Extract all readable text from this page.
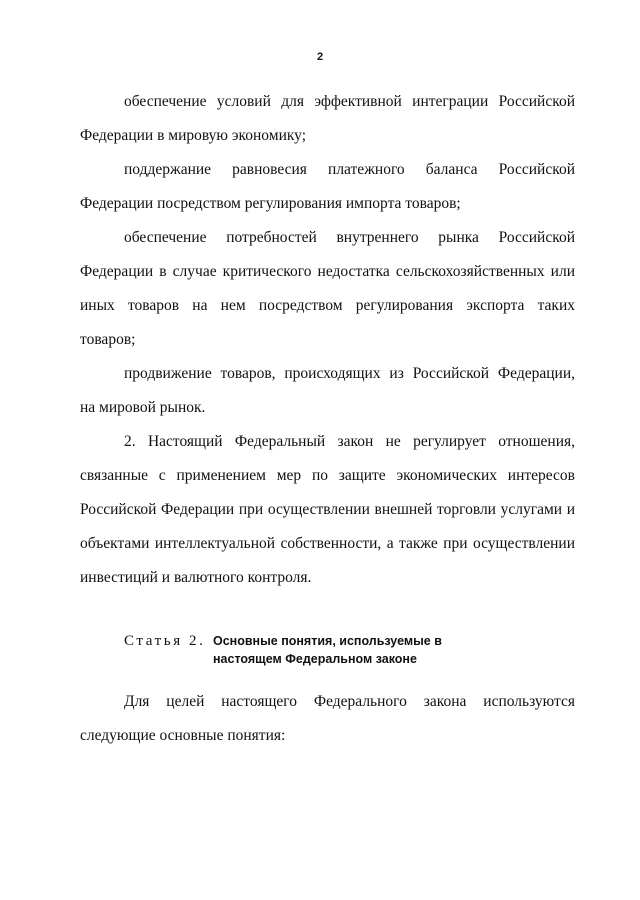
2
обеспечение условий для эффективной интеграции Российской
Федерации в мировую экономику;
поддержание равновесия платежного баланса Российской
Федерации посредством регулирования импорта товаров;
обеспечение потребностей внутреннего рынка Российской
Федерации в случае критического недостатка сельскохозяйственных или
иных товаров на нем посредством регулирования экспорта таких
товаров;
продвижение товаров, происходящих из Российской Федерации,
на мировой рынок.
2. Настоящий Федеральный закон не регулирует отношения,
связанные с применением мер по защите экономических интересов
Российской Федерации при осуществлении внешней торговли услугами и
объектами интеллектуальной собственности, а также при осуществлении
инвестиций и валютного контроля.
Статья 2. Основные понятия, используемые в
настоящем Федеральном законе
Для целей настоящего Федерального закона используются
следующие основные понятия:
